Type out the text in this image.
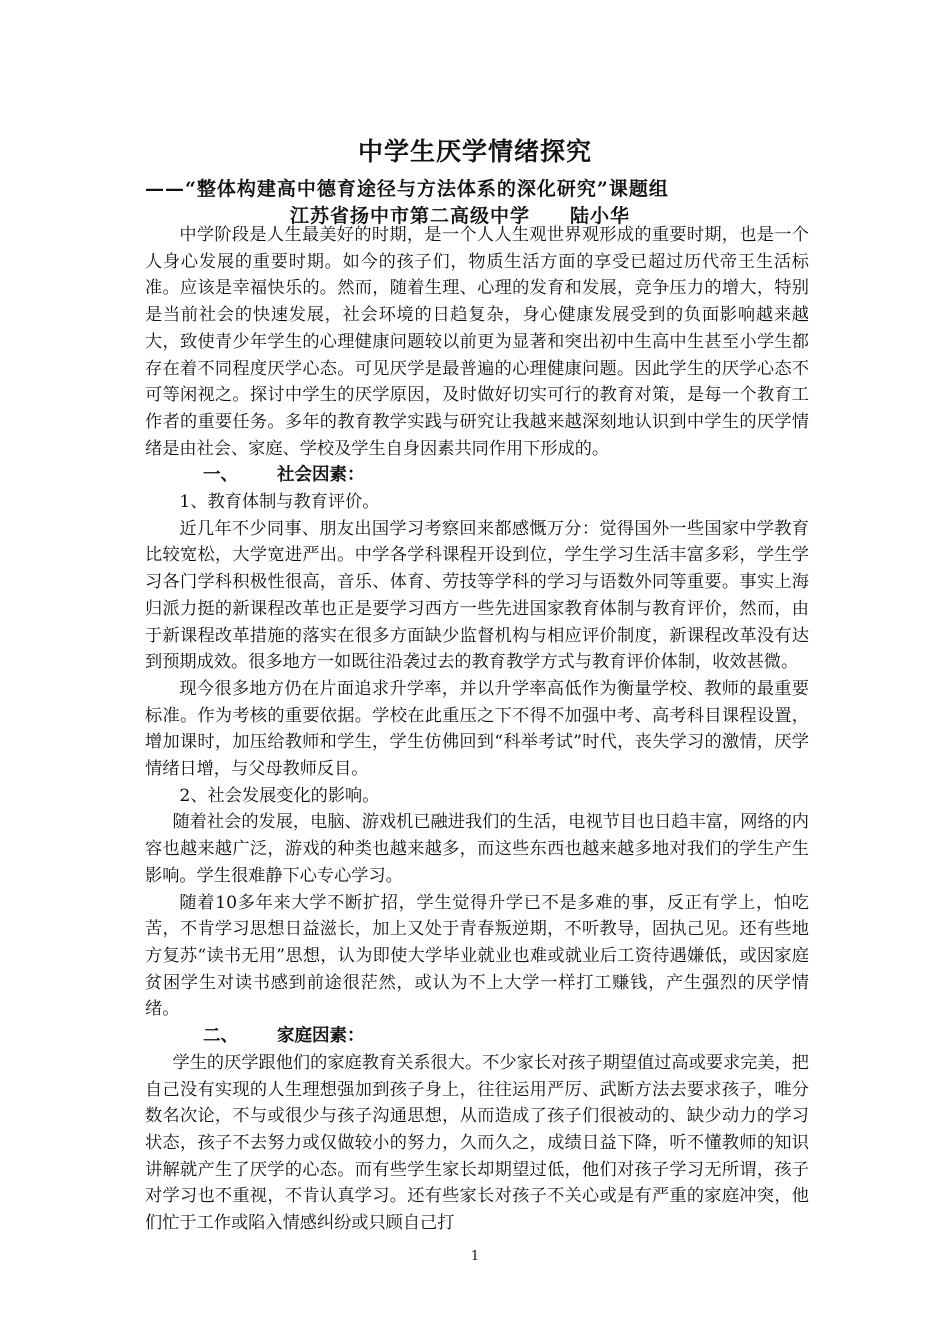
中学生厌学情绪探究
——“整体构建高中德育途径与方法体系的深化研究”课题组
江苏省扬中市第二高级中学 陆小华

中学阶段是人生最美好的时期，是一个人人生观世界观形成的重要时期，也是一个人身心发展的重要时期。如今的孩子们，物质生活方面的享受已超过历代帝王生活标准。应该是幸福快乐的。然而，随着生理、心理的发育和发展，竞争压力的增大，特别是当前社会的快速发展，社会环境的日趋复杂，身心健康发展受到的负面影响越来越大，致使青少年学生的心理健康问题较以前更为显著和突出初中生高中生甚至小学生都存在着不同程度厌学心态。可见厌学是最普遍的心理健康问题。因此学生的厌学心态不可等闲视之。探讨中学生的厌学原因，及时做好切实可行的教育对策，是每一个教育工作者的重要任务。多年的教育教学实践与研究让我越来越深刻地认识到中学生的厌学情绪是由社会、家庭、学校及学生自身因素共同作用下形成的。

一、 社会因素：

1、教育体制与教育评价。

近几年不少同事、朋友出国学习考察回来都感慨万分：觉得国外一些国家中学教育比较宽松，大学宽进严出。中学各学科课程开设到位，学生学习生活丰富多彩，学生学习各门学科积极性很高，音乐、体育、劳技等学科的学习与语数外同等重要。事实上海归派力挺的新课程改革也正是要学习西方一些先进国家教育体制与教育评价，然而，由于新课程改革措施的落实在很多方面缺少监督机构与相应评价制度，新课程改革没有达到预期成效。很多地方一如既往沿袭过去的教育教学方式与教育评价体制，收效甚微。

现今很多地方仍在片面追求升学率，并以升学率高低作为衡量学校、教师的最重要标准。作为考核的重要依据。学校在此重压之下不得不加强中考、高考科目课程设置，增加课时，加压给教师和学生，学生仿佛回到“科举考试”时代，丧失学习的激情，厌学情绪日增，与父母教师反目。

2、社会发展变化的影响。

随着社会的发展，电脑、游戏机已融进我们的生活，电视节目也日趋丰富，网络的内容也越来越广泛，游戏的种类也越来越多，而这些东西也越来越多地对我们的学生产生影响。学生很难静下心专心学习。

随着10多年来大学不断扩招，学生觉得升学已不是多难的事，反正有学上，怕吃苦，不肯学习思想日益滋长，加上又处于青春叛逆期，不听教导，固执己见。还有些地方复苏“读书无用”思想，认为即使大学毕业就业也难或就业后工资待遇嫌低，或因家庭贫困学生对读书感到前途很茫然，或认为不上大学一样打工赚钱，产生强烈的厌学情绪。

二、 家庭因素：

学生的厌学跟他们的家庭教育关系很大。不少家长对孩子期望值过高或要求完美，把自己没有实现的人生理想强加到孩子身上，往往运用严厉、武断方法去要求孩子，唯分数名次论，不与或很少与孩子沟通思想，从而造成了孩子们很被动的、缺少动力的学习状态，孩子不去努力或仅做较小的努力，久而久之，成绩日益下降，听不懂教师的知识讲解就产生了厌学的心态。而有些学生家长却期望过低，他们对孩子学习无所谓，孩子对学习也不重视，不肯认真学习。还有些家长对孩子不关心或是有严重的家庭冲突，他们忙于工作或陷入情感纠纷或只顾自己打

1
